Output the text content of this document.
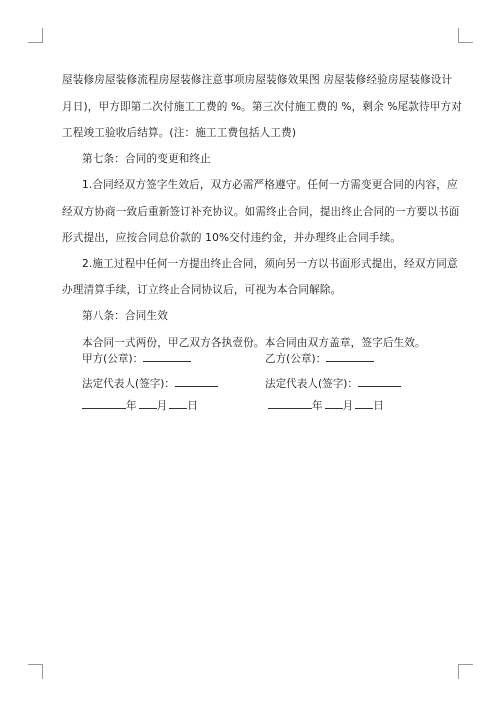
屋装修房屋装修流程房屋装修注意事项房屋装修效果图 房屋装修经验房屋装修设计
月日)，甲方即第二次付施工工费的 %。第三次付施工费的 %，剩余 %尾款待甲方对
工程竣工验收后结算。(注：施工工费包括人工费)
第七条：合同的变更和终止
1.合同经双方签字生效后，双方必需严格遵守。任何一方需变更合同的内容，应
经双方协商一致后重新签订补充协议。如需终止合同，提出终止合同的一方要以书面
形式提出，应按合同总价款的 10%交付违约金，并办理终止合同手续。
2.施工过程中任何一方提出终止合同，须向另一方以书面形式提出，经双方同意
办理清算手续，订立终止合同协议后，可视为本合同解除。
第八条：合同生效
本合同一式两份，甲乙双方各执壹份。本合同由双方盖章，签字后生效。
甲方(公章)：	乙方(公章)：
法定代表人(签字)：	法定代表人(签字)：
年 月 日	年 月 日
